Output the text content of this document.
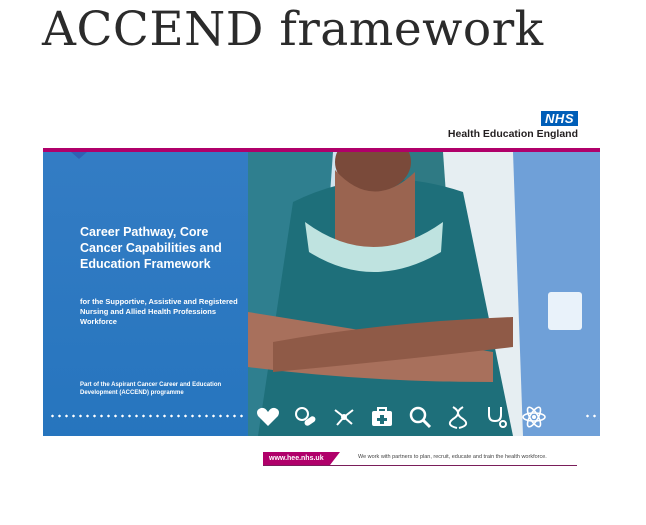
ACCEND framework
NHS
Health Education England

Career Pathway, Core Cancer Capabilities and Education Framework

for the Supportive, Assistive and Registered Nursing and Allied Health Professions Workforce

Part of the Aspirant Cancer Career and Education Development (ACCEND) programme

www.hee.nhs.uk	We work with partners to plan, recruit, educate and train the health workforce.
